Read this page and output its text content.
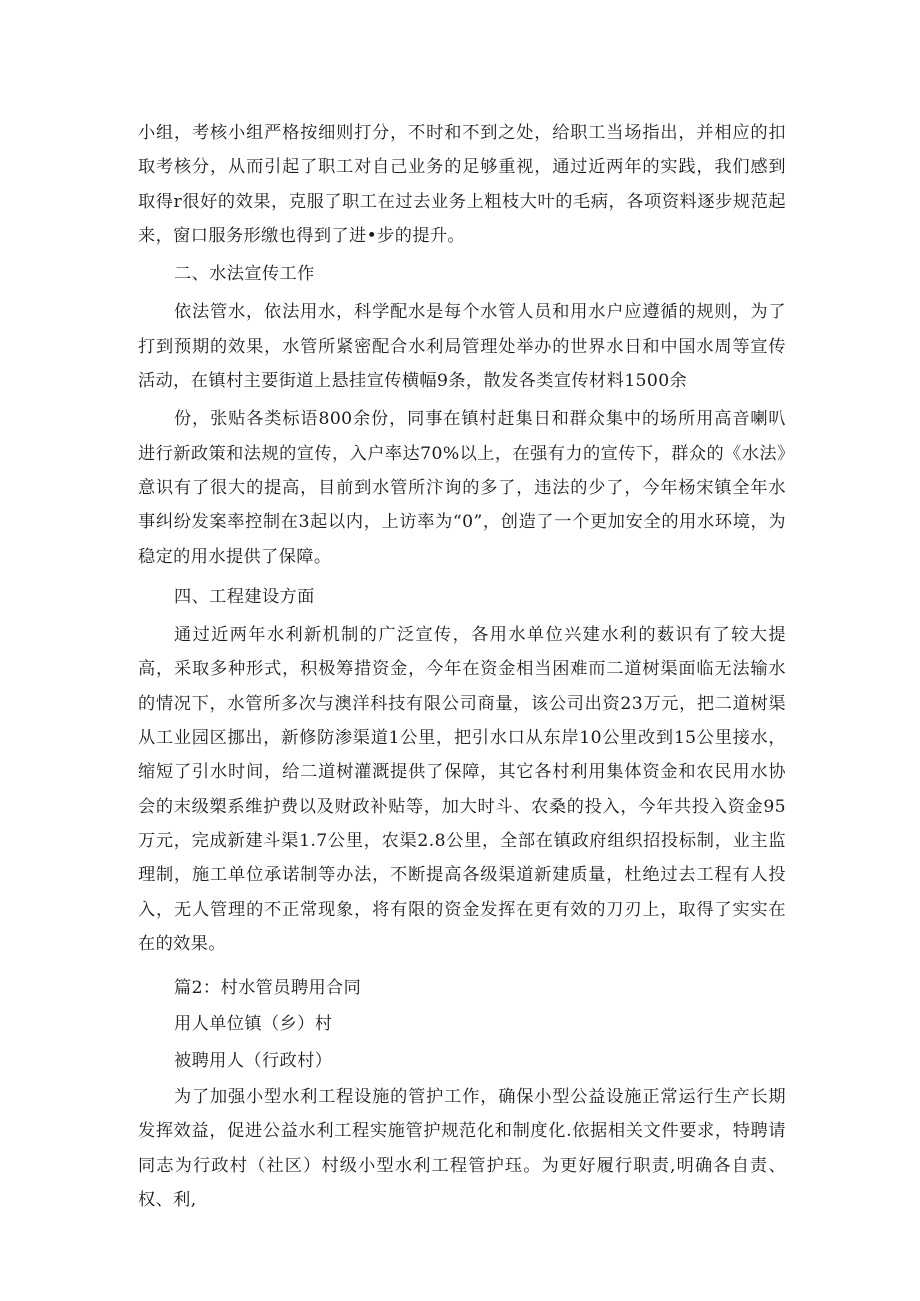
小组，考核小组严格按细则打分，不时和不到之处，给职工当场指出，并相应的扣取考核分，从而引起了职工对自己业务的足够重视，通过近两年的实践，我们感到取得r很好的效果，克服了职工在过去业务上粗枝大叶的毛病，各项资料逐步规范起来，窗口服务形缴也得到了进•步的提升。

二、水法宣传工作

依法管水，依法用水，科学配水是每个水管人员和用水户应遵循的规则，为了打到预期的效果，水管所紧密配合水利局管理处举办的世界水日和中国水周等宣传活动，在镇村主要街道上悬挂宣传横幅9条，散发各类宣传材料1500余

份，张贴各类标语800余份，同事在镇村赶集日和群众集中的场所用高音喇叭进行新政策和法规的宣传，入户率达70%以上，在强有力的宣传下，群众的《水法》意识有了很大的提高，目前到水管所汴询的多了，违法的少了，今年杨宋镇全年水事纠纷发案率控制在3起以内，上访率为“0”，创造了一个更加安全的用水环境，为稳定的用水提供了保障。

四、工程建设方面

通过近两年水利新机制的广泛宣传，各用水单位兴建水利的薮识有了较大提高，采取多种形式，积极筹措资金，今年在资金相当困难而二道树渠面临无法输水的情况下，水管所多次与澳洋科技有限公司商量，该公司出资23万元，把二道树渠从工业园区挪出，新修防渗渠道1公里，把引水口从东岸10公里改到15公里接水，缩短了引水时间，给二道树灌溉提供了保障，其它各村利用集体资金和农民用水协会的末级槊系维护费以及财政补贴等，加大时斗、农桑的投入，今年共投入资金95万元，完成新建斗渠1.7公里，农渠2.8公里，全部在镇政府组织招投标制，业主监理制，施工单位承诺制等办法，不断提高各级渠道新建质量，杜绝过去工程有人投入，无人管理的不正常现象，将有限的资金发挥在更有效的刀刃上，取得了实实在在的效果。

篇2：村水管员聘用合同

用人单位镇（乡）村

被聘用人（行政村）

为了加强小型水利工程设施的管护工作，确保小型公益设施正常运行生产长期发挥效益，促进公益水利工程实施管护规范化和制度化.依据相关文件要求，特聘请同志为行政村（社区）村级小型水利工程管护珏。为更好履行职责,明确各自责、权、利,
